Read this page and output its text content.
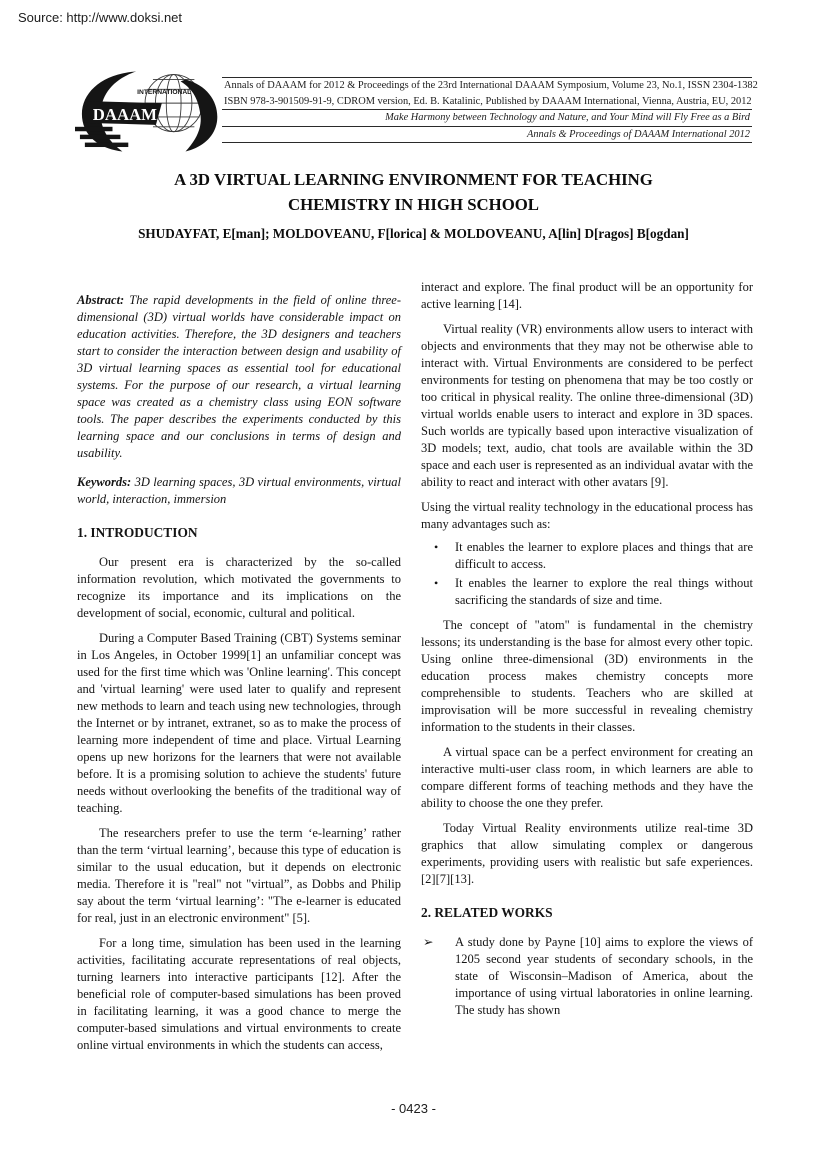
Source: http://www.doksi.net
DAAAM
INTERNATIONAL
Annals of DAAAM for 2012 & Proceedings of the 23rd International DAAAM Symposium, Volume 23, No.1, ISSN 2304-1382
ISBN 978-3-901509-91-9, CDROM version, Ed. B. Katalinic, Published by DAAAM International, Vienna, Austria, EU, 2012
Make Harmony between Technology and Nature, and Your Mind will Fly Free as a Bird
Annals & Proceedings of DAAAM International 2012
A 3D VIRTUAL LEARNING ENVIRONMENT FOR TEACHING
CHEMISTRY IN HIGH SCHOOL
SHUDAYFAT, E[man]; MOLDOVEANU, F[lorica] & MOLDOVEANU, A[lin] D[ragos] B[ogdan]

Abstract: The rapid developments in the field of online three-dimensional (3D) virtual worlds have considerable impact on education activities. Therefore, the 3D designers and teachers start to consider the interaction between design and usability of 3D virtual learning spaces as essential tool for educational systems. For the purpose of our research, a virtual learning space was created as a chemistry class using EON software tools. The paper describes the experiments conducted by this learning space and our conclusions in terms of design and usability.

Keywords: 3D learning spaces, 3D virtual environments, virtual world, interaction, immersion

1. INTRODUCTION

Our present era is characterized by the so-called information revolution, which motivated the governments to recognize its importance and its implications on the development of social, economic, cultural and political.

During a Computer Based Training (CBT) Systems seminar in Los Angeles, in October 1999[1] an unfamiliar concept was used for the first time which was 'Online learning'. This concept and 'virtual learning' were used later to qualify and represent new methods to learn and teach using new technologies, through the Internet or by intranet, extranet, so as to make the process of learning more independent of time and place. Virtual Learning opens up new horizons for the learners that were not available before. It is a promising solution to achieve the students' future needs without overlooking the benefits of the traditional way of teaching.

The researchers prefer to use the term ‘e-learning’ rather than the term ‘virtual learning’, because this type of education is similar to the usual education, but it depends on electronic media. Therefore it is "real" not "virtual”, as Dobbs and Philip say about the term ‘virtual learning’: "The e-learner is educated for real, just in an electronic environment" [5].

For a long time, simulation has been used in the learning activities, facilitating accurate representations of real objects, turning learners into interactive participants [12]. After the beneficial role of computer-based simulations has been proved in facilitating learning, it was a good chance to merge the computer-based simulations and virtual environments to create online virtual environments in which the students can access,

interact and explore. The final product will be an opportunity for active learning [14].

Virtual reality (VR) environments allow users to interact with objects and environments that they may not be otherwise able to interact with. Virtual Environments are considered to be perfect environments for testing on phenomena that may be too costly or too critical in physical reality. The online three-dimensional (3D) virtual worlds enable users to interact and explore in 3D spaces. Such worlds are typically based upon interactive visualization of 3D models; text, audio, chat tools are available within the 3D space and each user is represented as an individual avatar with the ability to react and interact with other avatars [9].

Using the virtual reality technology in the educational process has many advantages such as:

•	It enables the learner to explore places and things that are difficult to access.
•	It enables the learner to explore the real things without sacrificing the standards of size and time.

The concept of "atom" is fundamental in the chemistry lessons; its understanding is the base for almost every other topic. Using online three-dimensional (3D) environments in the education process makes chemistry concepts more comprehensible to students. Teachers who are skilled at improvisation will be more successful in revealing chemistry information to the students in their classes.

A virtual space can be a perfect environment for creating an interactive multi-user class room, in which learners are able to compare different forms of teaching methods and they have the ability to choose the one they prefer.

Today Virtual Reality environments utilize real-time 3D graphics that allow simulating complex or dangerous experiments, providing users with realistic but safe experiences. [2][7][13].

2. RELATED WORKS
➢	A study done by Payne [10] aims to explore the views of 1205 second year students of secondary schools, in the state of Wisconsin–Madison of America, about the importance of using virtual laboratories in online learning. The study has shown
- 0423 -
